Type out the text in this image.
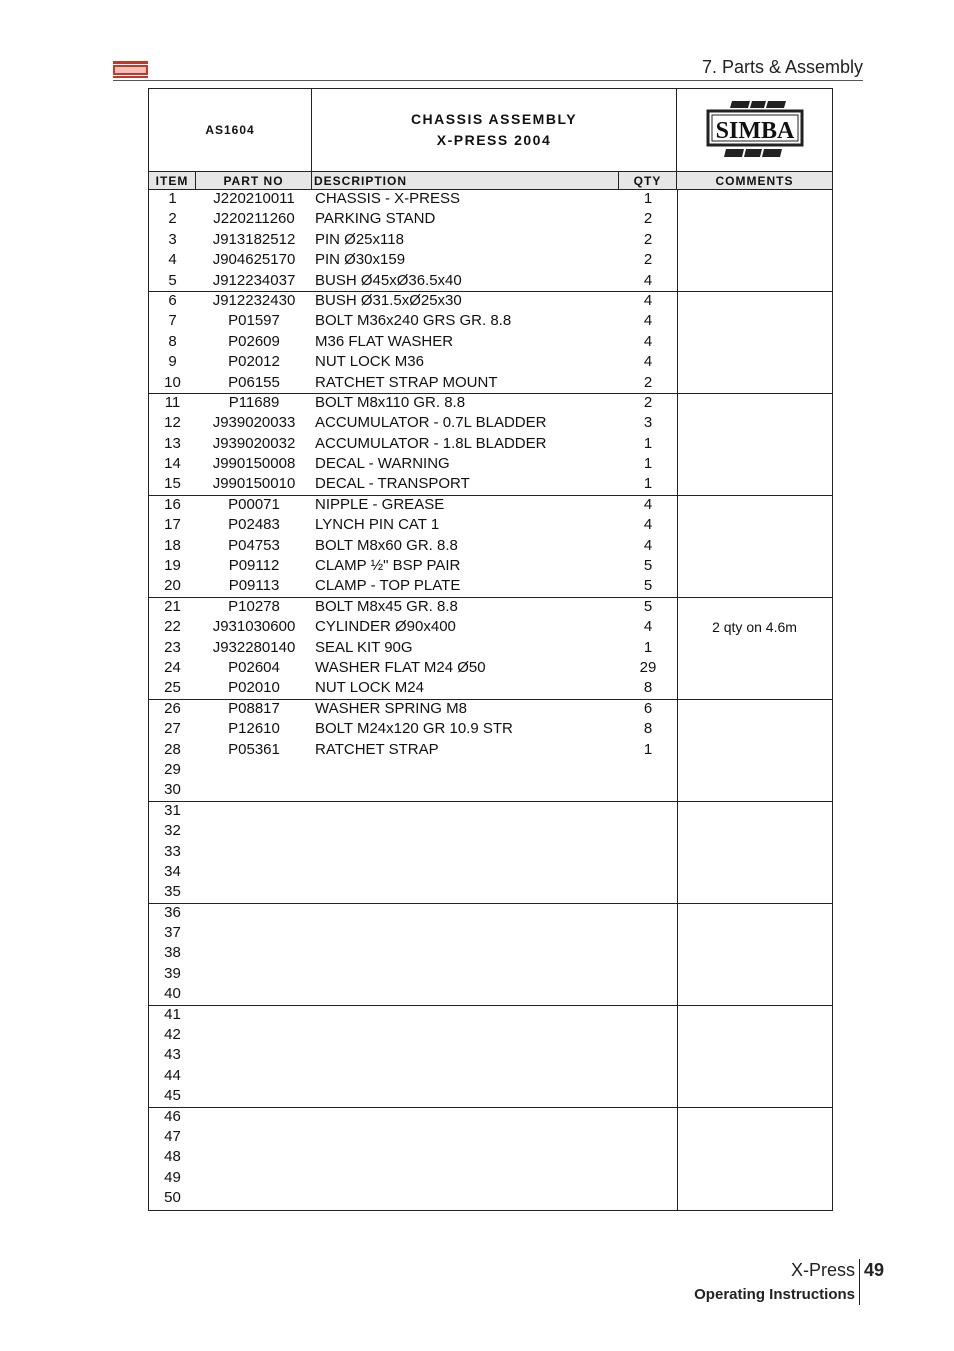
7. Parts & Assembly
AS1604
CHASSIS ASSEMBLY
X-PRESS 2004	SIMBA
ITEM	PART NO	DESCRIPTION	QTY	COMMENTS
1	J220210011	CHASSIS - X-PRESS	1
2	J220211260	PARKING STAND	2
3	J913182512	PIN Ø25x118	2
4	J904625170	PIN Ø30x159	2
5	J912234037	BUSH Ø45xØ36.5x40	4
6	J912232430	BUSH Ø31.5xØ25x30	4
7	P01597	BOLT M36x240 GRS GR. 8.8	4
8	P02609	M36 FLAT WASHER	4
9	P02012	NUT LOCK M36	4
10	P06155	RATCHET STRAP MOUNT	2
11	P11689	BOLT M8x110 GR. 8.8	2
12	J939020033	ACCUMULATOR - 0.7L BLADDER	3
13	J939020032	ACCUMULATOR - 1.8L BLADDER	1
14	J990150008	DECAL - WARNING	1
15	J990150010	DECAL - TRANSPORT	1
16	P00071	NIPPLE - GREASE	4
17	P02483	LYNCH PIN CAT 1	4
18	P04753	BOLT M8x60 GR. 8.8	4
19	P09112	CLAMP ½" BSP PAIR	5
20	P09113	CLAMP - TOP PLATE	5
21	P10278	BOLT M8x45 GR. 8.8	5
22	J931030600	CYLINDER Ø90x400	4	2 qty on 4.6m
23	J932280140	SEAL KIT 90G	1
24	P02604	WASHER FLAT M24 Ø50	29
25	P02010	NUT LOCK M24	8
26	P08817	WASHER SPRING M8	6
27	P12610	BOLT M24x120 GR 10.9 STR	8
28	P05361	RATCHET STRAP	1
29
30
31
32
33
34
35
36
37
38
39
40
41
42
43
44
45
46
47
48
49
50
X-Press 49
Operating Instructions
